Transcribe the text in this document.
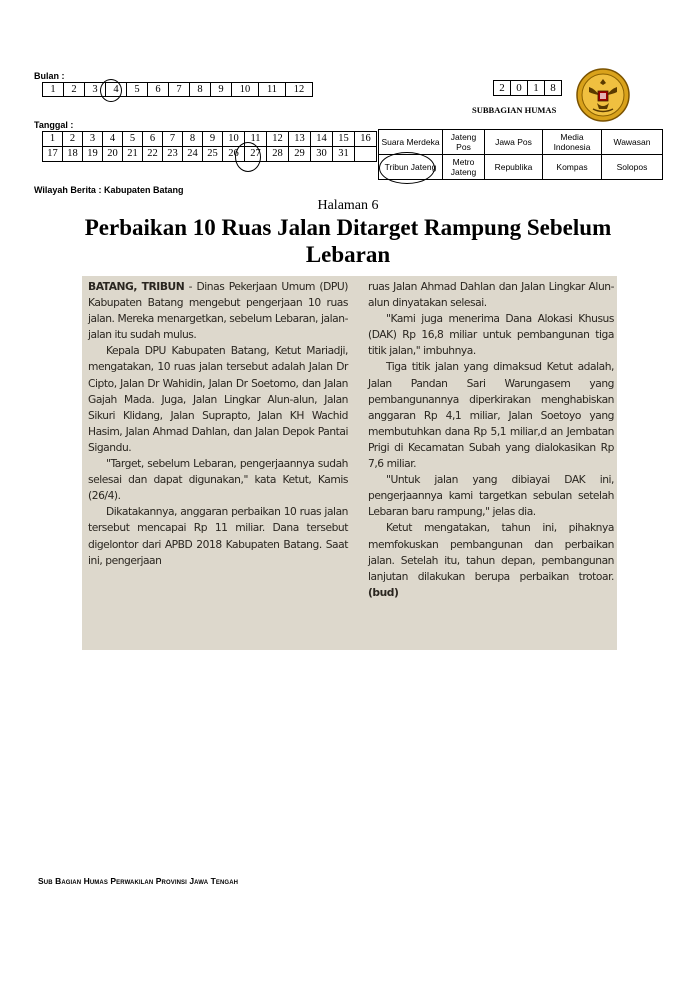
Bulan :
1	2	3	4	5	6	7	8	9	10	11	12
Tanggal :
1	2	3	4	5	6	7	8	9	10	11	12	13	14	15	16
17	18	19	20	21	22	23	24	25	26	27	28	29	30	31	
2	0	1	8
SUBBAGIAN HUMAS
Suara Merdeka	Jateng Pos	Jawa Pos	Media Indonesia	Wawasan
Tribun Jateng	Metro Jateng	Republika	Kompas	Solopos
Wilayah Berita : Kabupaten Batang
Halaman 6
Perbaikan 10 Ruas Jalan Ditarget Rampung Sebelum Lebaran

BATANG, TRIBUN - Dinas Pekerjaan Umum (DPU) Kabupaten Batang mengebut pengerjaan 10 ruas jalan. Mereka menargetkan, sebelum Lebaran, jalan-jalan itu sudah mulus.

Kepala DPU Kabupaten Batang, Ketut Mariadji, mengatakan, 10 ruas jalan tersebut adalah Jalan Dr Cipto, Jalan Dr Wahidin, Jalan Dr Soetomo, dan Jalan Gajah Mada. Juga, Jalan Lingkar Alun-alun, Jalan Sikuri Klidang, Jalan Suprapto, Jalan KH Wachid Hasim, Jalan Ahmad Dahlan, dan Jalan Depok Pantai Sigandu.

"Target, sebelum Lebaran, pengerjaannya sudah selesai dan dapat digunakan," kata Ketut, Kamis (26/4).

Dikatakannya, anggaran perbaikan 10 ruas jalan tersebut mencapai Rp 11 miliar. Dana tersebut digelontor dari APBD 2018 Kabupaten Batang. Saat ini, pengerjaan

ruas Jalan Ahmad Dahlan dan Jalan Lingkar Alun-alun dinyatakan selesai.

"Kami juga menerima Dana Alokasi Khusus (DAK) Rp 16,8 miliar untuk pembangunan tiga titik jalan," imbuhnya.

Tiga titik jalan yang dimaksud Ketut adalah, Jalan Pandan Sari Warungasem yang pembangunannya diperkirakan menghabiskan anggaran Rp 4,1 miliar, Jalan Soetoyo yang membutuhkan dana Rp 5,1 miliar,d an Jembatan Prigi di Kecamatan Subah yang dialokasikan Rp 7,6 miliar.

"Untuk jalan yang dibiayai DAK ini, pengerjaannya kami targetkan sebulan setelah Lebaran baru rampung," jelas dia.

Ketut mengatakan, tahun ini, pihaknya memfokuskan pembangunan dan perbaikan jalan. Setelah itu, tahun depan, pembangunan lanjutan dilakukan berupa perbaikan trotoar. (bud)

Sub Bagian Humas Perwakilan Provinsi Jawa Tengah
